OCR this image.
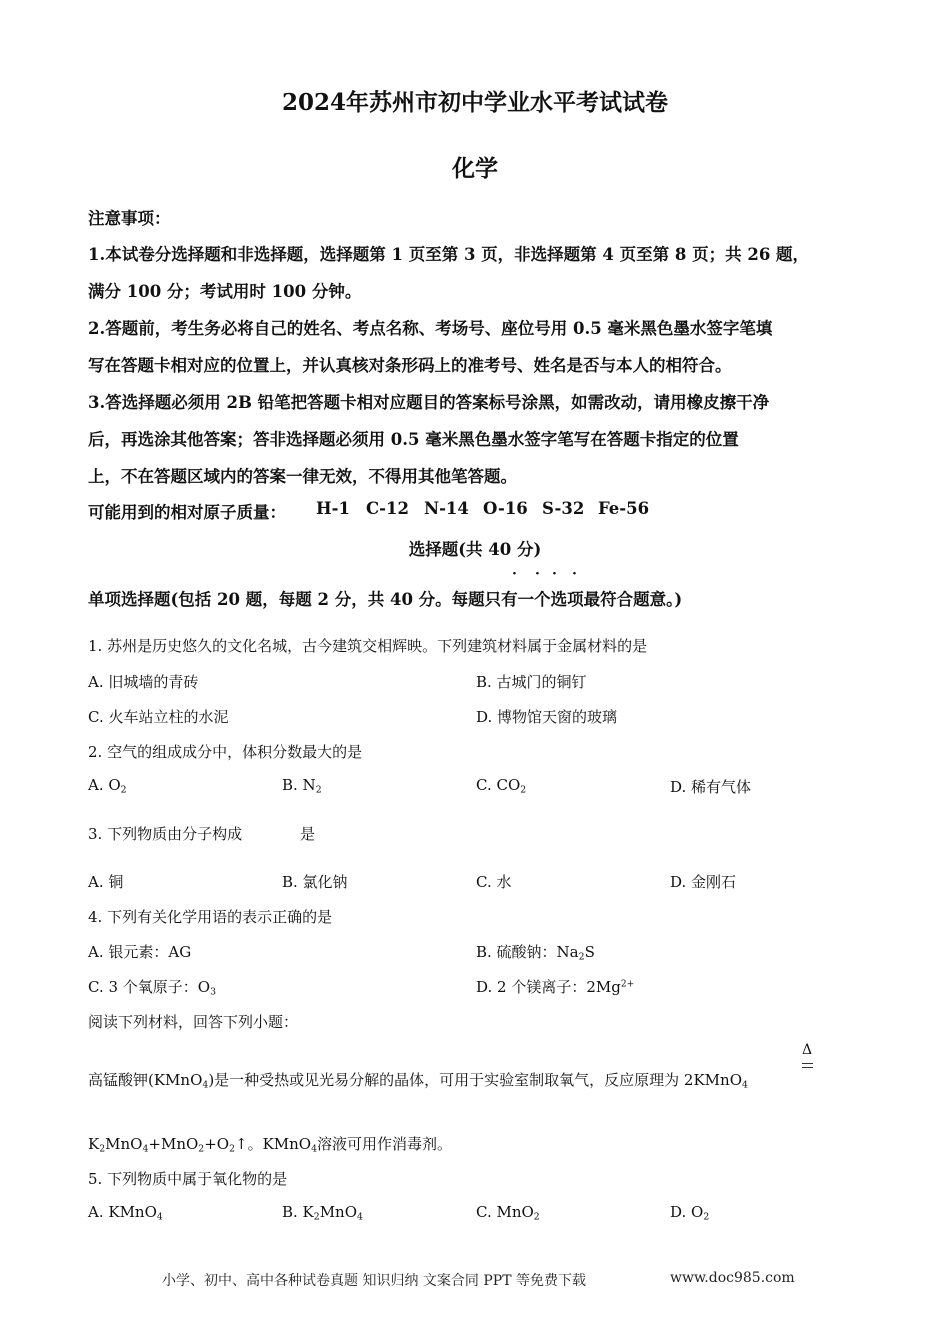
2024年苏州市初中学业水平考试试卷
化学
注意事项：
1.本试卷分选择题和非选择题，选择题第 1 页至第 3 页，非选择题第 4 页至第 8 页；共 26 题，
满分 100 分；考试用时 100 分钟。
2.答题前，考生务必将自己的姓名、考点名称、考场号、座位号用 0.5 毫米黑色墨水签字笔填
写在答题卡相对应的位置上，并认真核对条形码上的准考号、姓名是否与本人的相符合。
3.答选择题必须用 2B 铅笔把答题卡相对应题目的答案标号涂黑，如需改动，请用橡皮擦干净
后，再选涂其他答案；答非选择题必须用 0.5 毫米黑色墨水签字笔写在答题卡指定的位置
上，不在答题区域内的答案一律无效，不得用其他笔答题。
可能用到的相对原子质量： H-1 C-12 N-14 O-16 S-32 Fe-56
选择题(共 40 分)
· · · ·
单项选择题(包括 20 题，每题 2 分，共 40 分。每题只有一个选项最符合题意。)
1. 苏州是历史悠久的文化名城，古今建筑交相辉映。下列建筑材料属于金属材料的是
A. 旧城墙的青砖	B. 古城门的铜钉
C. 火车站立柱的水泥	D. 博物馆天窗的玻璃
2. 空气的组成成分中，体积分数最大的是
A. $O_2$	B. $N_2$	C. $CO_2$	D. 稀有气体
3. 下列物质由分子构成	是
A. 铜	B. 氯化钠	C. 水	D. 金刚石
4. 下列有关化学用语的表示正确的是
A. 银元素：AG	B. 硫酸钠：$Na_2S$
C. 3 个氧原子：$O_3$	D. 2 个镁离子：$2Mg^{2+}$
阅读下列材料，回答下列小题：
Δ
高锰酸钾(KMnO$_4$)是一种受热或见光易分解的晶体，可用于实验室制取氧气，反应原理为 2KMnO$_4$
$K_2MnO_4+MnO_2+O_2↑$。KMnO$_4$溶液可用作消毒剂。
5. 下列物质中属于氧化物的是
A. KMnO$_4$	B. $K_2MnO_4$	C. MnO$_2$	D. $O_2$
小学、初中、高中各种试卷真题 知识归纳 文案合同 PPT 等免费下载	www.doc985.com
